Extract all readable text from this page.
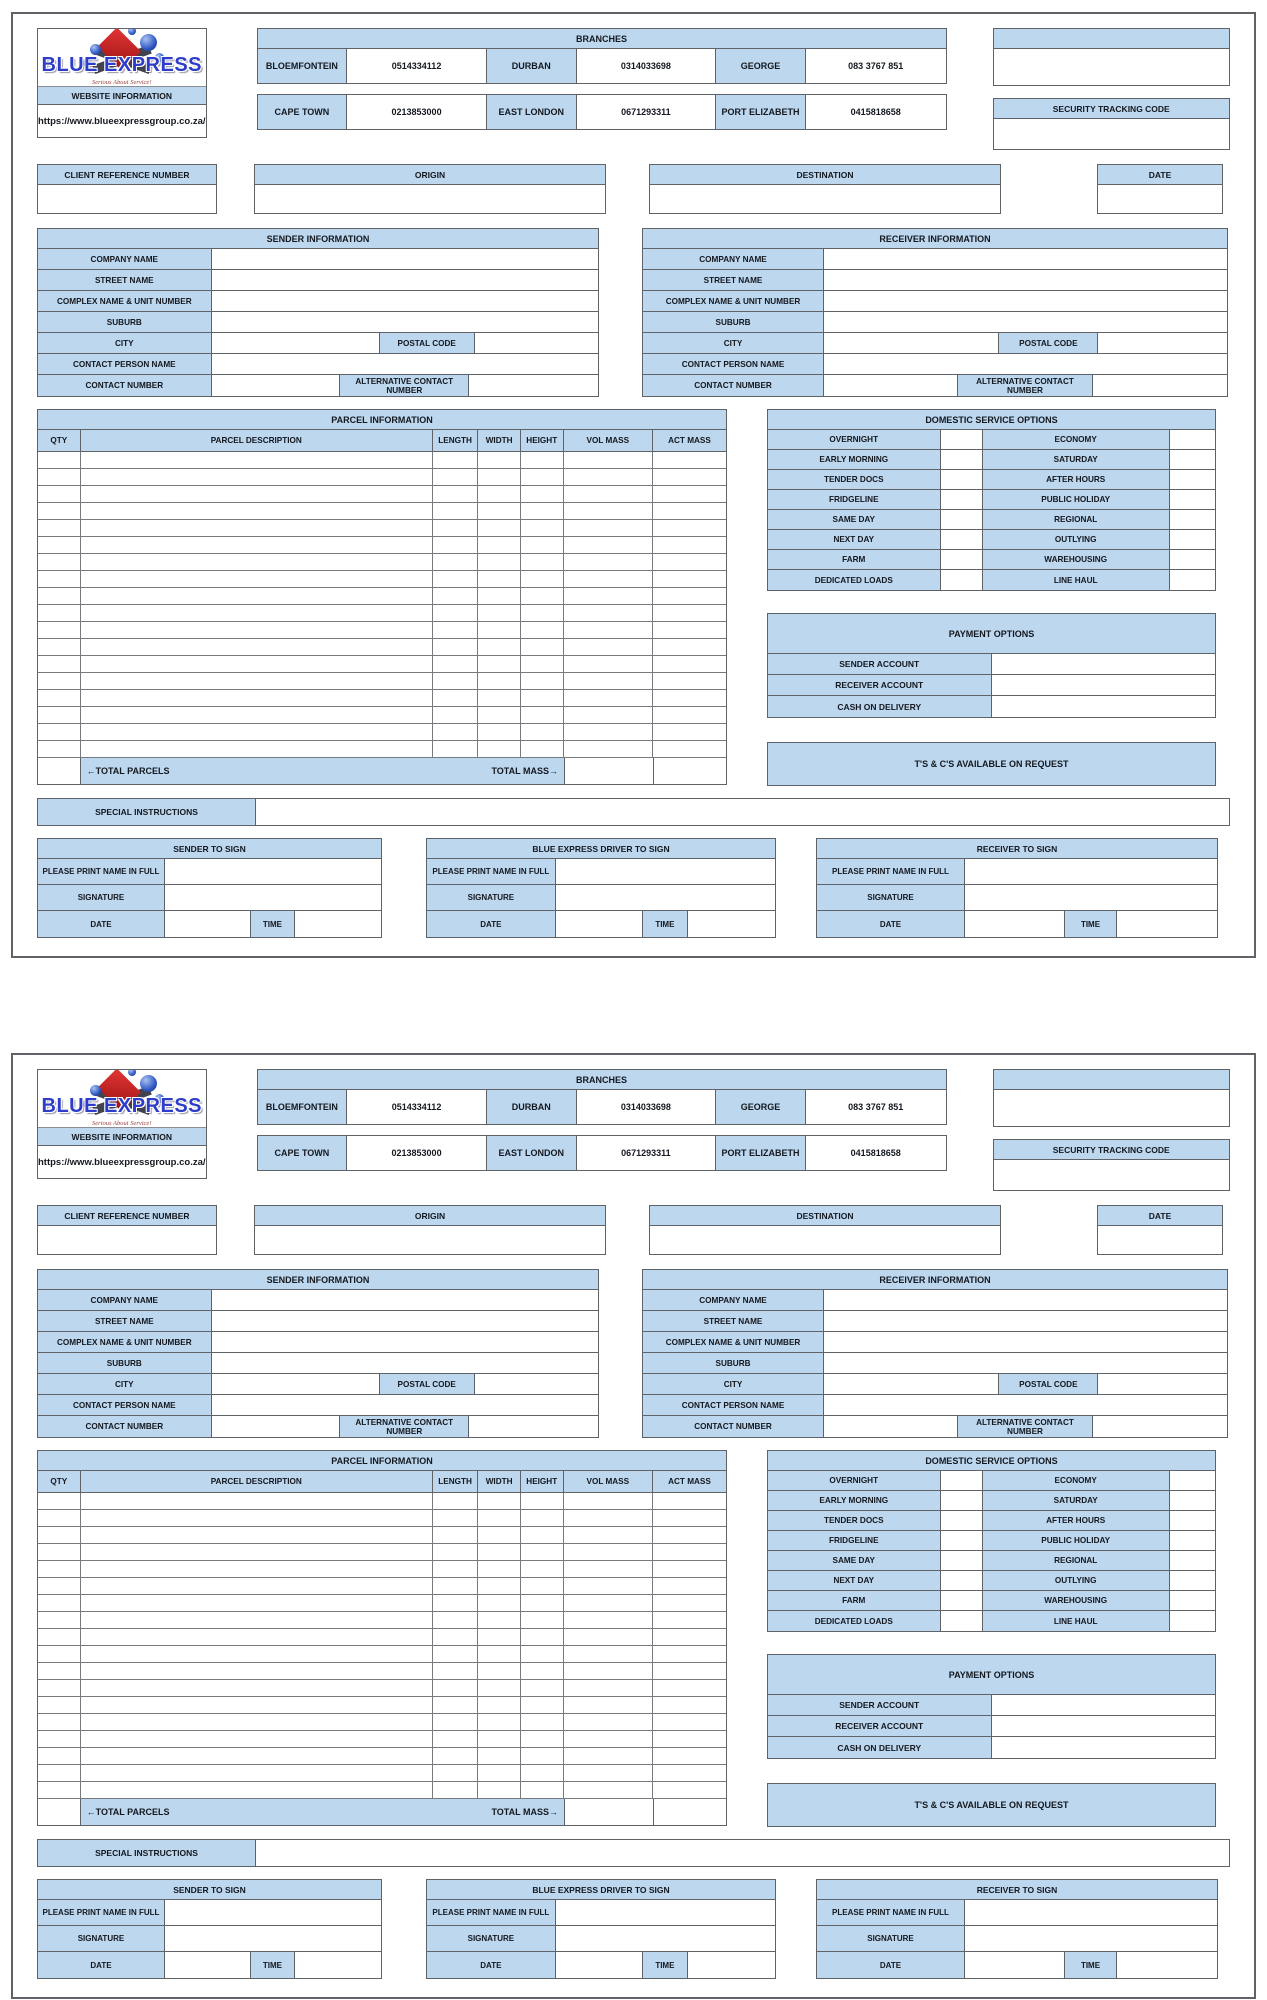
BLUE EXPRESS
Serious About Service!
WEBSITE INFORMATION
https://www.blueexpressgroup.co.za/
BRANCHES
BLOEMFONTEIN	0514334112	DURBAN	0314033698	GEORGE	083 3767 851
CAPE TOWN	0213853000	EAST LONDON	0671293311	PORT ELIZABETH	0415818658	SECURITY TRACKING CODE
CLIENT REFERENCE NUMBER	ORIGIN	DESTINATION	DATE
SENDER INFORMATION
COMPANY NAME
STREET NAME
COMPLEX NAME & UNIT NUMBER
SUBURB
CITY	POSTAL CODE
CONTACT PERSON NAME
CONTACT NUMBER	ALTERNATIVE CONTACT NUMBER
RECEIVER INFORMATION
COMPANY NAME
STREET NAME
COMPLEX NAME & UNIT NUMBER
SUBURB
CITY	POSTAL CODE
CONTACT PERSON NAME
CONTACT NUMBER	ALTERNATIVE CONTACT NUMBER
PARCEL INFORMATION
QTY	PARCEL DESCRIPTION	LENGTH	WIDTH	HEIGHT	VOL MASS	ACT MASS
←TOTAL PARCELS	TOTAL MASS→
DOMESTIC SERVICE OPTIONS
OVERNIGHT	ECONOMY
EARLY MORNING	SATURDAY
TENDER DOCS	AFTER HOURS
FRIDGELINE	PUBLIC HOLIDAY
SAME DAY	REGIONAL
NEXT DAY	OUTLYING
FARM	WAREHOUSING
DEDICATED LOADS	LINE HAUL
PAYMENT OPTIONS
SENDER ACCOUNT
RECEIVER ACCOUNT
CASH ON DELIVERY
T'S & C'S AVAILABLE ON REQUEST
SPECIAL INSTRUCTIONS
SENDER TO SIGN
PLEASE PRINT NAME IN FULL
SIGNATURE
DATE	TIME
BLUE EXPRESS DRIVER TO SIGN
PLEASE PRINT NAME IN FULL
SIGNATURE
DATE	TIME
RECEIVER TO SIGN
PLEASE PRINT NAME IN FULL
SIGNATURE
DATE	TIME
BLUE EXPRESS
Serious About Service!
WEBSITE INFORMATION
https://www.blueexpressgroup.co.za/
BRANCHES
BLOEMFONTEIN	0514334112	DURBAN	0314033698	GEORGE	083 3767 851
CAPE TOWN	0213853000	EAST LONDON	0671293311	PORT ELIZABETH	0415818658	SECURITY TRACKING CODE
CLIENT REFERENCE NUMBER	ORIGIN	DESTINATION	DATE
SENDER INFORMATION
COMPANY NAME
STREET NAME
COMPLEX NAME & UNIT NUMBER
SUBURB
CITY	POSTAL CODE
CONTACT PERSON NAME
CONTACT NUMBER	ALTERNATIVE CONTACT NUMBER
RECEIVER INFORMATION
COMPANY NAME
STREET NAME
COMPLEX NAME & UNIT NUMBER
SUBURB
CITY	POSTAL CODE
CONTACT PERSON NAME
CONTACT NUMBER	ALTERNATIVE CONTACT NUMBER
PARCEL INFORMATION
QTY	PARCEL DESCRIPTION	LENGTH	WIDTH	HEIGHT	VOL MASS	ACT MASS
←TOTAL PARCELS	TOTAL MASS→
DOMESTIC SERVICE OPTIONS
OVERNIGHT	ECONOMY
EARLY MORNING	SATURDAY
TENDER DOCS	AFTER HOURS
FRIDGELINE	PUBLIC HOLIDAY
SAME DAY	REGIONAL
NEXT DAY	OUTLYING
FARM	WAREHOUSING
DEDICATED LOADS	LINE HAUL
PAYMENT OPTIONS
SENDER ACCOUNT
RECEIVER ACCOUNT
CASH ON DELIVERY
T'S & C'S AVAILABLE ON REQUEST
SPECIAL INSTRUCTIONS
SENDER TO SIGN
PLEASE PRINT NAME IN FULL
SIGNATURE
DATE	TIME
BLUE EXPRESS DRIVER TO SIGN
PLEASE PRINT NAME IN FULL
SIGNATURE
DATE	TIME
RECEIVER TO SIGN
PLEASE PRINT NAME IN FULL
SIGNATURE
DATE	TIME
